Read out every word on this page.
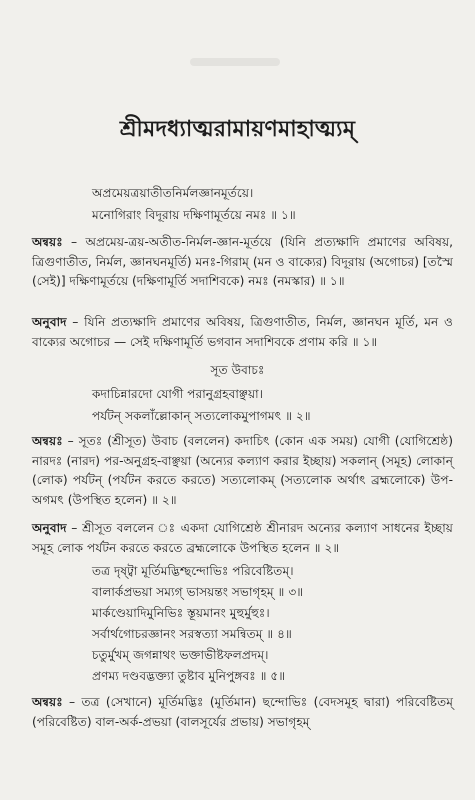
শ্রীমদধ্যাত্মরামায়ণমাহাত্ম্যম্
অপ্রমেয়ত্রয়াতীতনির্মলজ্ঞানমূর্তয়ে।
মনোগিরাং বিদূরায় দক্ষিণামূর্তয়ে নমঃ ॥ ১॥
অন্বয়ঃ – অপ্রমেয়-ত্রয়-অতীত-নির্মল-জ্ঞান-মূর্তয়ে (যিনি প্রত্যক্ষাদি প্রমাণের অবিষয়, ত্রিগুণাতীত, নির্মল, জ্ঞানঘনমূর্তি) মনঃ-গিরাম্ (মন ও বাক্যের) বিদূরায় (অগোচর) [তস্মৈ (সেই)] দক্ষিণামূর্তয়ে (দক্ষিণামূর্তি সদাশিবকে) নমঃ (নমস্কার) ॥ ১॥
অনুবাদ – যিনি প্রত্যক্ষাদি প্রমাণের অবিষয়, ত্রিগুণাতীত, নির্মল, জ্ঞানঘন মূর্তি, মন ও বাক্যের অগোচর — সেই দক্ষিণামূর্তি ভগবান সদাশিবকে প্রণাম করি ॥ ১॥
সূত উবাচঃ
কদাচিন্নারদো যোগী পরানুগ্রহবাঞ্ছয়া।
পর্যটন্ সকলাঁল্লোকান্ সত্যলোকমুপাগমৎ ॥ ২॥
অন্বয়ঃ – সূতঃ (শ্রীসূত) উবাচ (বললেন) কদাচিৎ (কোন এক সময়) যোগী (যোগিশ্রেষ্ঠ) নারদঃ (নারদ) পর-অনুগ্রহ-বাঞ্ছয়া (অন্যের কল্যাণ করার ইচ্ছায়) সকলান্ (সমূহ) লোকান্ (লোক) পর্যটন্ (পর্যটন করতে করতে) সত্যলোকম্ (সত্যলোক অর্থাৎ ব্রহ্মলোকে) উপ-অগমৎ (উপস্থিত হলেন) ॥ ২॥
অনুবাদ – শ্রীসূত বললেন ঃ একদা যোগিশ্রেষ্ঠ শ্রীনারদ অন্যের কল্যাণ সাধনের ইচ্ছায় সমূহ লোক পর্যটন করতে করতে ব্রহ্মলোকে উপস্থিত হলেন ॥ ২॥
তত্র দৃষ্ট্বা মূর্তিমদ্ভিশ্ছন্দোভিঃ পরিবেষ্টিতম্।
বালার্কপ্রভয়া সম্যগ্ ভাসয়ন্তং সভাগৃহম্ ॥ ৩॥
মার্কণ্ডেয়াদিমুনিভিঃ স্তূয়মানং মুহুর্মুহুঃ।
সর্বার্থগোচরজ্ঞানং সরস্বত্যা সমন্বিতম্ ॥ ৪॥
চতুর্মুখম্ জগন্নাথং ভক্তাভীষ্টফলপ্রদম্।
প্রণম্য দণ্ডবদ্ভক্ত্যা তুষ্টাব মুনিপুঙ্গবঃ ॥ ৫॥
অন্বয়ঃ – তত্র (সেখানে) মূর্তিমদ্ভিঃ (মূর্তিমান) ছন্দোভিঃ (বেদসমূহ দ্বারা) পরিবেষ্টিতম্ (পরিবেষ্টিত) বাল-অর্ক-প্রভয়া (বালসূর্যের প্রভায়) সভাগৃহম্
